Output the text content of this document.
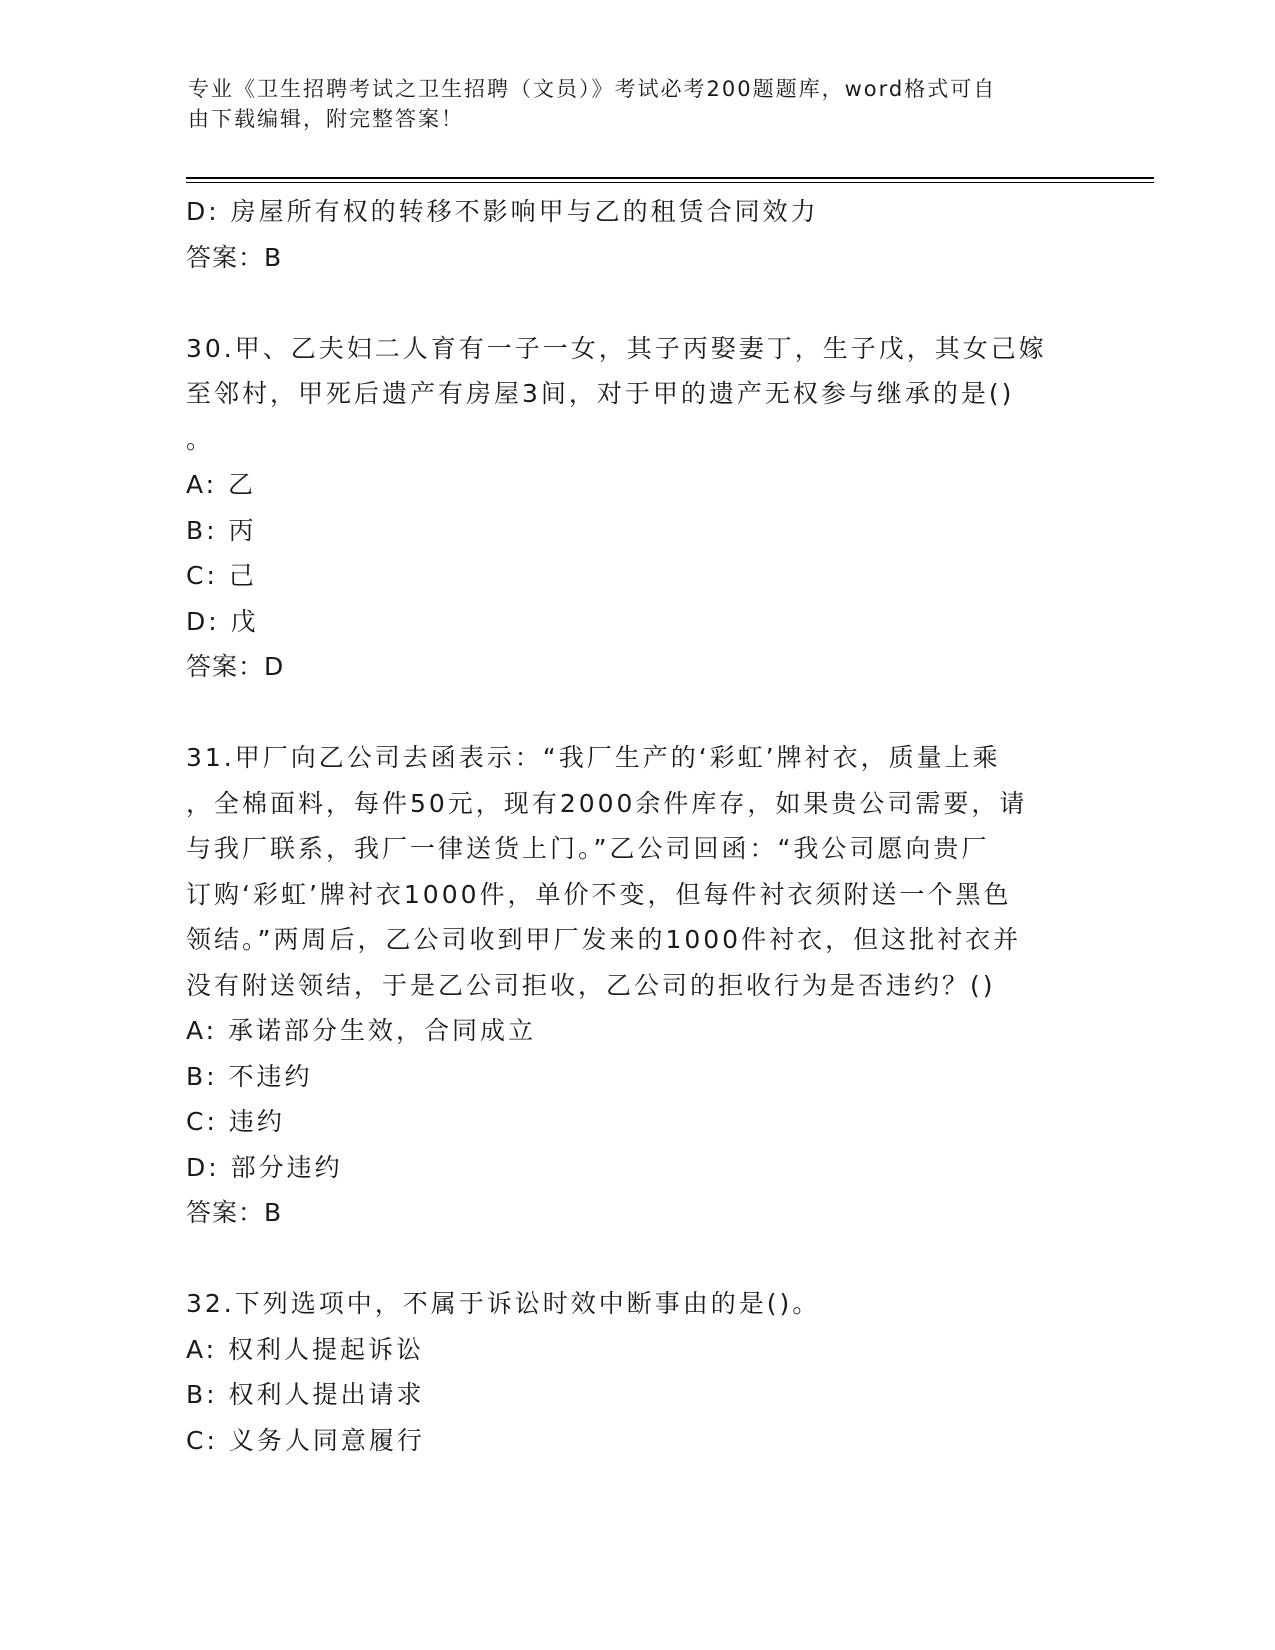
专业《卫生招聘考试之卫生招聘（文员）》考试必考200题题库，word格式可自
由下载编辑，附完整答案！
D: 房屋所有权的转移不影响甲与乙的租赁合同效力
答案：B
30.甲、乙夫妇二人育有一子一女，其子丙娶妻丁，生子戊，其女己嫁
至邻村，甲死后遗产有房屋3间，对于甲的遗产无权参与继承的是()
。
A: 乙
B: 丙
C: 己
D: 戊
答案：D
31.甲厂向乙公司去函表示：“我厂生产的‘彩虹’牌衬衣，质量上乘
，全棉面料，每件50元，现有2000余件库存，如果贵公司需要，请
与我厂联系，我厂一律送货上门。”乙公司回函：“我公司愿向贵厂
订购‘彩虹’牌衬衣1000件，单价不变，但每件衬衣须附送一个黑色
领结。”两周后，乙公司收到甲厂发来的1000件衬衣，但这批衬衣并
没有附送领结，于是乙公司拒收，乙公司的拒收行为是否违约？()
A: 承诺部分生效，合同成立
B: 不违约
C: 违约
D: 部分违约
答案：B
32.下列选项中，不属于诉讼时效中断事由的是()。
A: 权利人提起诉讼
B: 权利人提出请求
C: 义务人同意履行
